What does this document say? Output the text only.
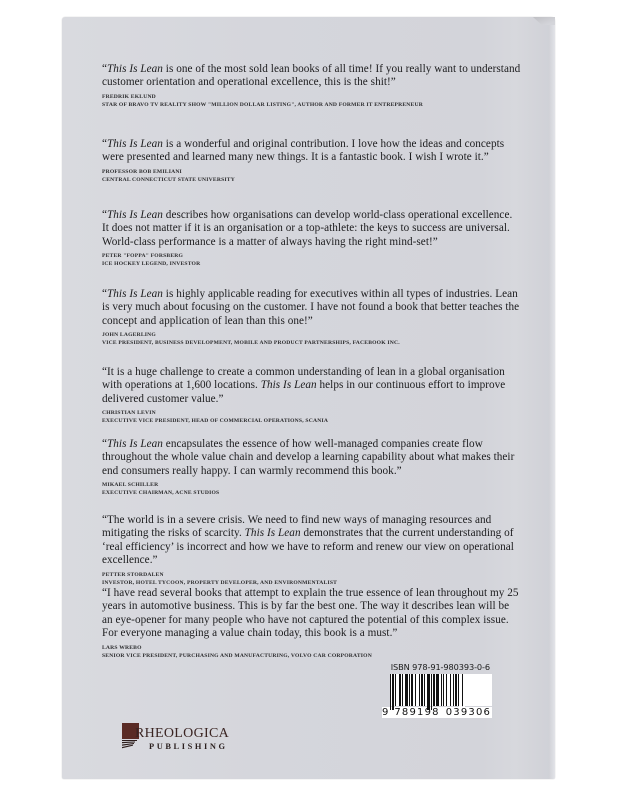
“This Is Lean is one of the most sold lean books of all time! If you really want to understand customer orientation and operational excellence, this is the shit!”

FREDRIK EKLUND

STAR OF BRAVO TV REALITY SHOW "MILLION DOLLAR LISTING", AUTHOR AND FORMER IT ENTREPRENEUR

“This Is Lean is a wonderful and original contribution. I love how the ideas and concepts were presented and learned many new things. It is a fantastic book. I wish I wrote it.”

PROFESSOR BOB EMILIANI

CENTRAL CONNECTICUT STATE UNIVERSITY

“This Is Lean describes how organisations can develop world-class operational excellence. It does not matter if it is an organisation or a top-athlete: the keys to success are universal. World-class performance is a matter of always having the right mind-set!”

PETER "FOPPA" FORSBERG

ICE HOCKEY LEGEND, INVESTOR

“This Is Lean is highly applicable reading for executives within all types of industries. Lean is very much about focusing on the customer. I have not found a book that better teaches the concept and application of lean than this one!”

JOHN LAGERLING

VICE PRESIDENT, BUSINESS DEVELOPMENT, MOBILE AND PRODUCT PARTNERSHIPS, FACEBOOK INC.

“It is a huge challenge to create a common understanding of lean in a global organisation with operations at 1,600 locations. This Is Lean helps in our continuous effort to improve delivered customer value.”

CHRISTIAN LEVIN

EXECUTIVE VICE PRESIDENT, HEAD OF COMMERCIAL OPERATIONS, SCANIA

“This Is Lean encapsulates the essence of how well-managed companies create flow throughout the whole value chain and develop a learning capability about what makes their end consumers really happy. I can warmly recommend this book.”

MIKAEL SCHILLER

EXECUTIVE CHAIRMAN, ACNE STUDIOS

“The world is in a severe crisis. We need to find new ways of managing resources and mitigating the risks of scarcity. This Is Lean demonstrates that the current understanding of ‘real efficiency’ is incorrect and how we have to reform and renew our view on operational excellence.”

PETTER STORDALEN

INVESTOR, HOTEL TYCOON, PROPERTY DEVELOPER, AND ENVIRONMENTALIST

“I have read several books that attempt to explain the true essence of lean throughout my 25 years in automotive business. This is by far the best one. The way it describes lean will be an eye-opener for many people who have not captured the potential of this complex issue. For everyone managing a value chain today, this book is a must.”

LARS WREBO

SENIOR VICE PRESIDENT, PURCHASING AND MANUFACTURING, VOLVO CAR CORPORATION

ISBN 978-91-980393-0-6
9 789198 039306
RHEOLOGICA
PUBLISHING
